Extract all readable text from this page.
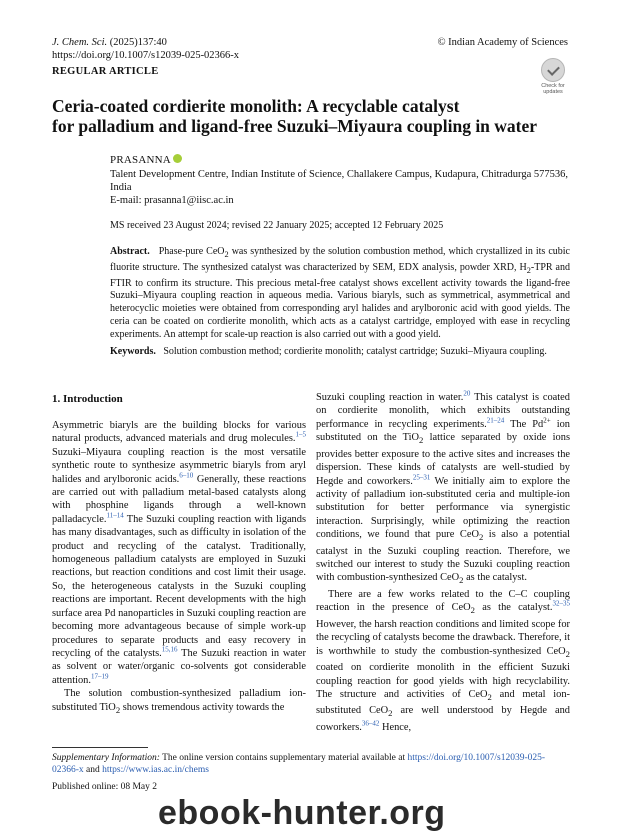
J. Chem. Sci. (2025)137:40
https://doi.org/10.1007/s12039-025-02366-x
© Indian Academy of Sciences
REGULAR ARTICLE
Check for updates
Ceria-coated cordierite monolith: A recyclable catalyst
for palladium and ligand-free Suzuki–Miyaura coupling in water
PRASANNA
Talent Development Centre, Indian Institute of Science, Challakere Campus, Kudapura, Chitradurga 577536, India
E-mail: prasanna1@iisc.ac.in
MS received 23 August 2024; revised 22 January 2025; accepted 12 February 2025
Abstract. Phase-pure CeO$_2$ was synthesized by the solution combustion method, which crystallized in its cubic fluorite structure. The synthesized catalyst was characterized by SEM, EDX analysis, powder XRD, $H_2$-TPR and FTIR to confirm its structure. This precious metal-free catalyst shows excellent activity towards the ligand-free Suzuki–Miyaura coupling reaction in aqueous media. Various biaryls, such as symmetrical, asymmetrical and heterocyclic moieties were obtained from corresponding aryl halides and arylboronic acid with good yields. The ceria can be coated on cordierite monolith, which acts as a catalyst cartridge, employed with ease in recycling experiments. An attempt for scale-up reaction is also carried out with a good yield.
Keywords. Solution combustion method; cordierite monolith; catalyst cartridge; Suzuki–Miyaura coupling.
1. Introduction

Asymmetric biaryls are the building blocks for various natural products, advanced materials and drug molecules.$^{1-5}$ Suzuki–Miyaura coupling reaction is the most versatile synthetic route to synthesize asymmetric biaryls from aryl halides and arylboronic acids.$^{6-10}$ Generally, these reactions are carried out with palladium metal-based catalysts along with phosphine ligands through a well-known palladacycle.$^{11-14}$ The Suzuki coupling reaction with ligands has many disadvantages, such as difficulty in isolation of the product and recycling of the catalyst. Traditionally, homogeneous palladium catalysts are employed in Suzuki reactions, but reaction conditions and cost limit their usage. So, the heterogeneous catalysts in the Suzuki coupling reactions are important. Recent developments with the high surface area Pd nanoparticles in Suzuki coupling reaction are becoming more advantageous because of simple work-up procedures to separate products and easy recovery in recycling of the catalysts.$^{15,16}$ The Suzuki reaction in water as solvent or water/organic co-solvents got considerable attention.$^{17-19}$

The solution combustion-synthesized palladium ion-substituted TiO$_2$ shows tremendous activity towards the

Suzuki coupling reaction in water.$^{20}$ This catalyst is coated on cordierite monolith, which exhibits outstanding performance in recycling experiments.$^{21-24}$ The $Pd^{2+}$ ion substituted on the TiO$_2$ lattice separated by oxide ions provides better exposure to the active sites and increases the dispersion. These kinds of catalysts are well-studied by Hegde and coworkers.$^{25-31}$ We initially aim to explore the activity of palladium ion-substituted ceria and multiple-ion substitution for better performance via synergistic interaction. Surprisingly, while optimizing the reaction conditions, we found that pure CeO$_2$ is also a potential catalyst in the Suzuki coupling reaction. Therefore, we switched our interest to study the Suzuki coupling reaction with combustion-synthesized CeO$_2$ as the catalyst.

There are a few works related to the C–C coupling reaction in the presence of CeO$_2$ as the catalyst.$^{32-35}$ However, the harsh reaction conditions and limited scope for the recycling of catalysts become the drawback. Therefore, it is worthwhile to study the combustion-synthesized CeO$_2$ coated on cordierite monolith in the efficient Suzuki coupling reaction for good yields with high recyclability. The structure and activities of CeO$_2$ and metal ion-substituted CeO$_2$ are well understood by Hegde and coworkers.$^{36-42}$ Hence,

Supplementary Information: The online version contains supplementary material available at https://doi.org/10.1007/s12039-025-02366-x and https://www.ias.ac.in/chems
Published online: 08 May 2
ebook-hunter.org
